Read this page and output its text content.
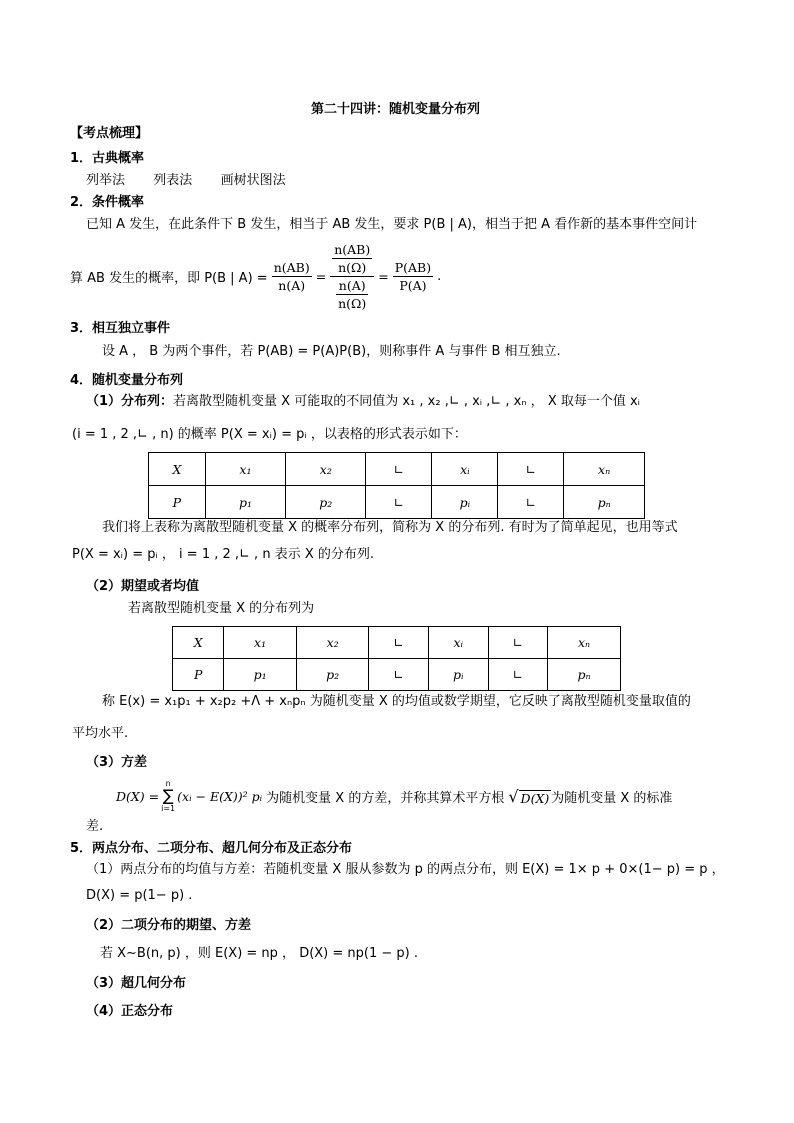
第二十四讲：随机变量分布列
【考点梳理】
1．古典概率
列举法 列表法 画树状图法
2．条件概率
已知 A 发生，在此条件下 B 发生，相当于 AB 发生，要求 P(B | A)，相当于把 A 看作新的基本事件空间计
算 AB 发生的概率，即 P(B | $A) = \frac{n(AB)}{n(A)} = \frac{\frac{n(AB)}{n(\Omega)}}{\frac{n(A)}{n(\Omega)}} = \frac{P(AB)}{P(A)}$ .
3．相互独立事件
设 A ， B 为两个事件，若 P(AB) = P(A)P(B)，则称事件 A 与事件 B 相互独立.
4．随机变量分布列
（1）分布列：若离散型随机变量 X 可能取的不同值为 x₁ , x₂ ,∟ , xᵢ ,∟ , xₙ ， X 取每一个值 xᵢ
(i = 1 , 2 ,∟ , n) 的概率 P(X = xᵢ) = pᵢ ，以表格的形式表示如下：
X	x₁	x₂	∟	xᵢ	∟	xₙ
P	p₁	p₂	∟	pᵢ	∟	pₙ
我们将上表称为离散型随机变量 X 的概率分布列，简称为 X 的分布列. 有时为了简单起见，也用等式
P(X = xᵢ) = pᵢ ， i = 1 , 2 ,∟ , n 表示 X 的分布列.
（2）期望或者均值
若离散型随机变量 X 的分布列为
X	x₁	x₂	∟	xᵢ	∟	xₙ
P	p₁	p₂	∟	pᵢ	∟	pₙ
称 E(x) = x₁p₁ + x₂p₂ +Λ + xₙpₙ 为随机变量 X 的均值或数学期望，它反映了离散型随机变量取值的
平均水平.
（3）方差
D(X) =
n
∑
i=1
(xᵢ − E(X))² pᵢ 为随机变量 X 的方差，并称其算术平方根 √ D(X) 为随机变量 X 的标准
差.
5．两点分布、二项分布、超几何分布及正态分布
（1）两点分布的均值与方差：若随机变量 X 服从参数为 p 的两点分布，则 E(X) = 1× p + 0×(1− p) = p ，
D(X) = p(1− p) .
（2）二项分布的期望、方差
若 X∼B(n, p) ，则 E(X) = np ， D(X) = np(1 − p) .
（3）超几何分布
（4）正态分布
